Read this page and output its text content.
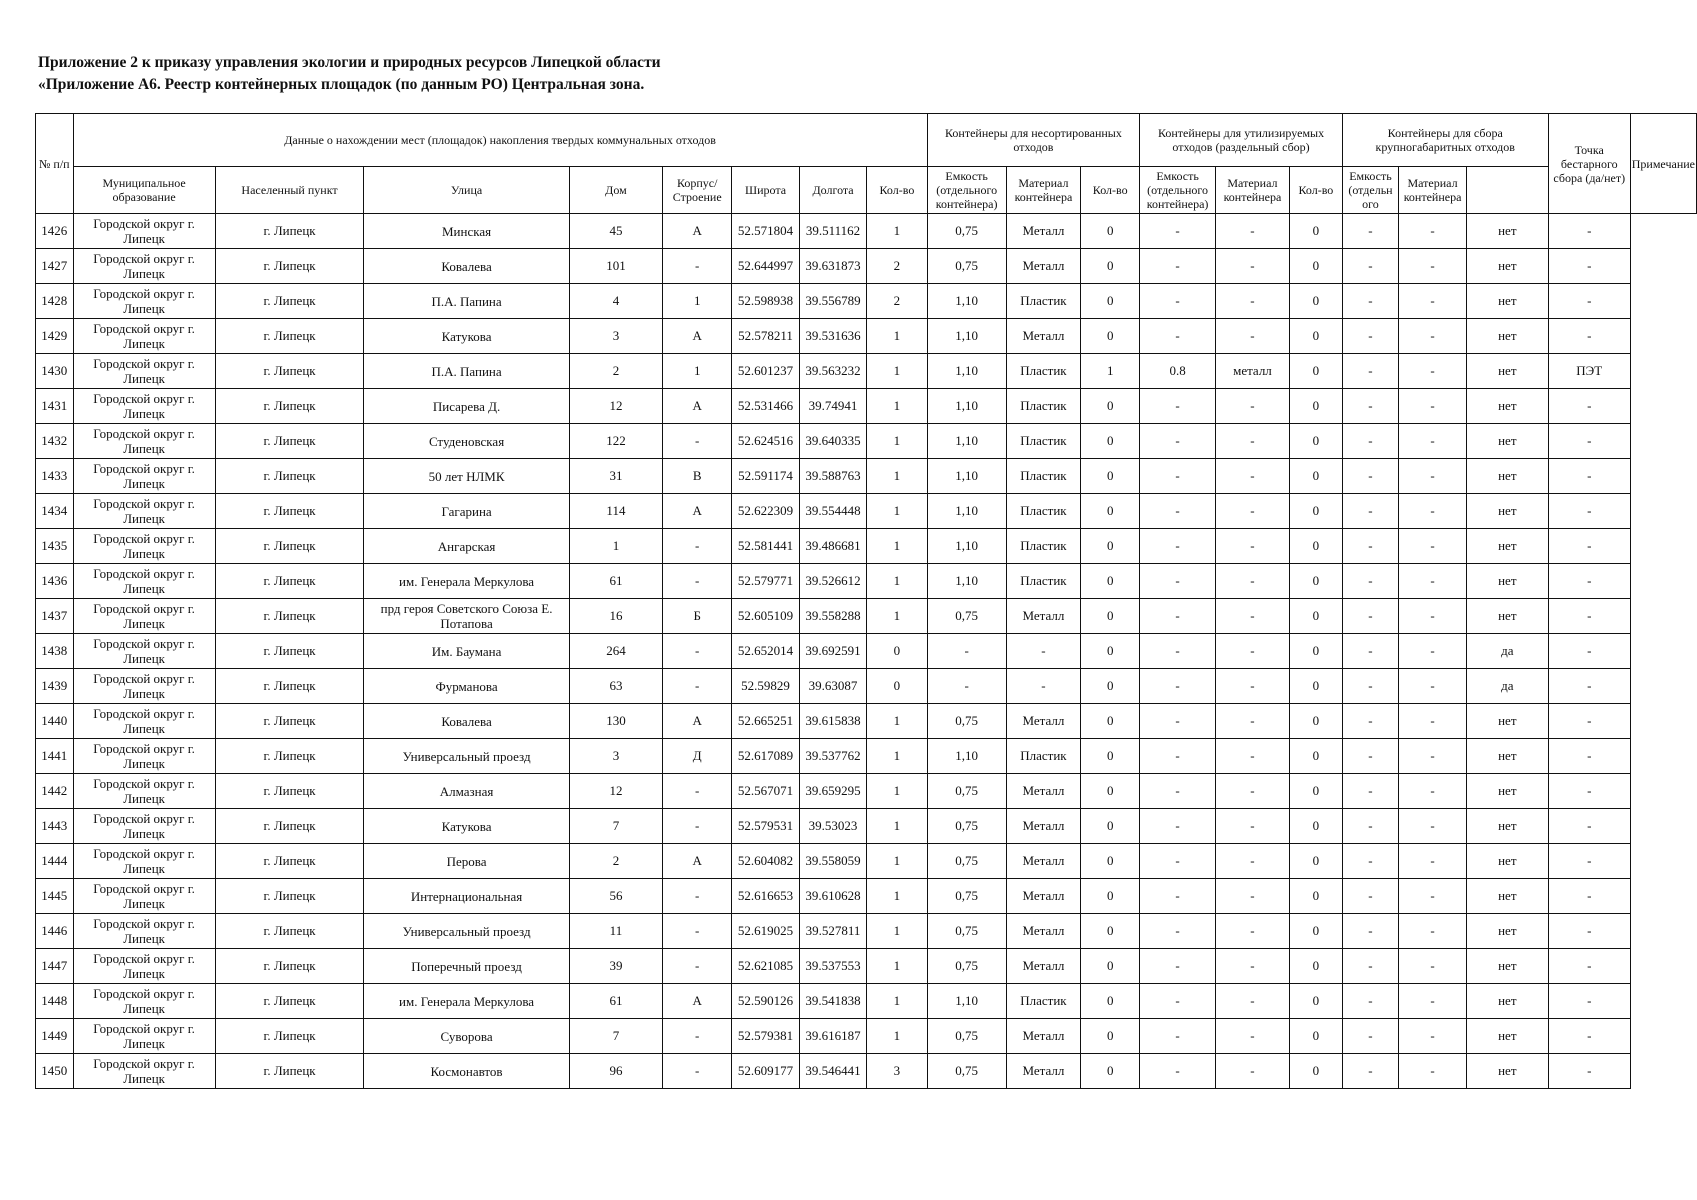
Приложение 2 к приказу управления экологии и природных ресурсов Липецкой области
«Приложение А6. Реестр контейнерных площадок (по данным РО) Центральная зона.
№ п/п	Данные о нахождении мест (площадок) накопления твердых коммунальных отходов								Контейнеры для несортированных отходов			Контейнеры для утилизируемых отходов (раздельный сбор)			Контейнеры для сбора крупногабаритных отходов			Точка бестарного сбора (да/нет)	Примечание
	Муниципальное образование	Населенный пункт	Улица	Дом	Корпус/ Строение	Широта	Долгота	Кол-во	Емкость (отдельного контейнера)	Материал контейнера	Кол-во	Емкость (отдельного контейнера)	Материал контейнера	Кол-во	Емкость (отдельн ого	Материал контейнера			
1426	Городской округ г. Липецк	г. Липецк	Минская	45	А	52.571804	39.511162	1	0,75	Металл	0	-	-	0	-	-	нет	-	
1427	Городской округ г. Липецк	г. Липецк	Ковалева	101	-	52.644997	39.631873	2	0,75	Металл	0	-	-	0	-	-	нет	-	
1428	Городской округ г. Липецк	г. Липецк	П.А. Папина	4	1	52.598938	39.556789	2	1,10	Пластик	0	-	-	0	-	-	нет	-	
1429	Городской округ г. Липецк	г. Липецк	Катукова	3	А	52.578211	39.531636	1	1,10	Металл	0	-	-	0	-	-	нет	-	
1430	Городской округ г. Липецк	г. Липецк	П.А. Папина	2	1	52.601237	39.563232	1	1,10	Пластик	1	0.8	металл	0	-	-	нет	ПЭТ	
1431	Городской округ г. Липецк	г. Липецк	Писарева Д.	12	А	52.531466	39.74941	1	1,10	Пластик	0	-	-	0	-	-	нет	-	
1432	Городской округ г. Липецк	г. Липецк	Студеновская	122	-	52.624516	39.640335	1	1,10	Пластик	0	-	-	0	-	-	нет	-	
1433	Городской округ г. Липецк	г. Липецк	50 лет НЛМК	31	В	52.591174	39.588763	1	1,10	Пластик	0	-	-	0	-	-	нет	-	
1434	Городской округ г. Липецк	г. Липецк	Гагарина	114	А	52.622309	39.554448	1	1,10	Пластик	0	-	-	0	-	-	нет	-	
1435	Городской округ г. Липецк	г. Липецк	Ангарская	1	-	52.581441	39.486681	1	1,10	Пластик	0	-	-	0	-	-	нет	-	
1436	Городской округ г. Липецк	г. Липецк	им. Генерала Меркулова	61	-	52.579771	39.526612	1	1,10	Пластик	0	-	-	0	-	-	нет	-	
1437	Городской округ г. Липецк	г. Липецк	прд героя Советского Союза Е. Потапова	16	Б	52.605109	39.558288	1	0,75	Металл	0	-	-	0	-	-	нет	-	
1438	Городской округ г. Липецк	г. Липецк	Им. Баумана	264	-	52.652014	39.692591	0	-	-	0	-	-	0	-	-	да	-	
1439	Городской округ г. Липецк	г. Липецк	Фурманова	63	-	52.59829	39.63087	0	-	-	0	-	-	0	-	-	да	-	
1440	Городской округ г. Липецк	г. Липецк	Ковалева	130	А	52.665251	39.615838	1	0,75	Металл	0	-	-	0	-	-	нет	-	
1441	Городской округ г. Липецк	г. Липецк	Универсальный проезд	3	Д	52.617089	39.537762	1	1,10	Пластик	0	-	-	0	-	-	нет	-	
1442	Городской округ г. Липецк	г. Липецк	Алмазная	12	-	52.567071	39.659295	1	0,75	Металл	0	-	-	0	-	-	нет	-	
1443	Городской округ г. Липецк	г. Липецк	Катукова	7	-	52.579531	39.53023	1	0,75	Металл	0	-	-	0	-	-	нет	-	
1444	Городской округ г. Липецк	г. Липецк	Перова	2	А	52.604082	39.558059	1	0,75	Металл	0	-	-	0	-	-	нет	-	
1445	Городской округ г. Липецк	г. Липецк	Интернациональная	56	-	52.616653	39.610628	1	0,75	Металл	0	-	-	0	-	-	нет	-	
1446	Городской округ г. Липецк	г. Липецк	Универсальный проезд	11	-	52.619025	39.527811	1	0,75	Металл	0	-	-	0	-	-	нет	-	
1447	Городской округ г. Липецк	г. Липецк	Поперечный проезд	39	-	52.621085	39.537553	1	0,75	Металл	0	-	-	0	-	-	нет	-	
1448	Городской округ г. Липецк	г. Липецк	им. Генерала Меркулова	61	А	52.590126	39.541838	1	1,10	Пластик	0	-	-	0	-	-	нет	-	
1449	Городской округ г. Липецк	г. Липецк	Суворова	7	-	52.579381	39.616187	1	0,75	Металл	0	-	-	0	-	-	нет	-	
1450	Городской округ г. Липецк	г. Липецк	Космонавтов	96	-	52.609177	39.546441	3	0,75	Металл	0	-	-	0	-	-	нет	-	
